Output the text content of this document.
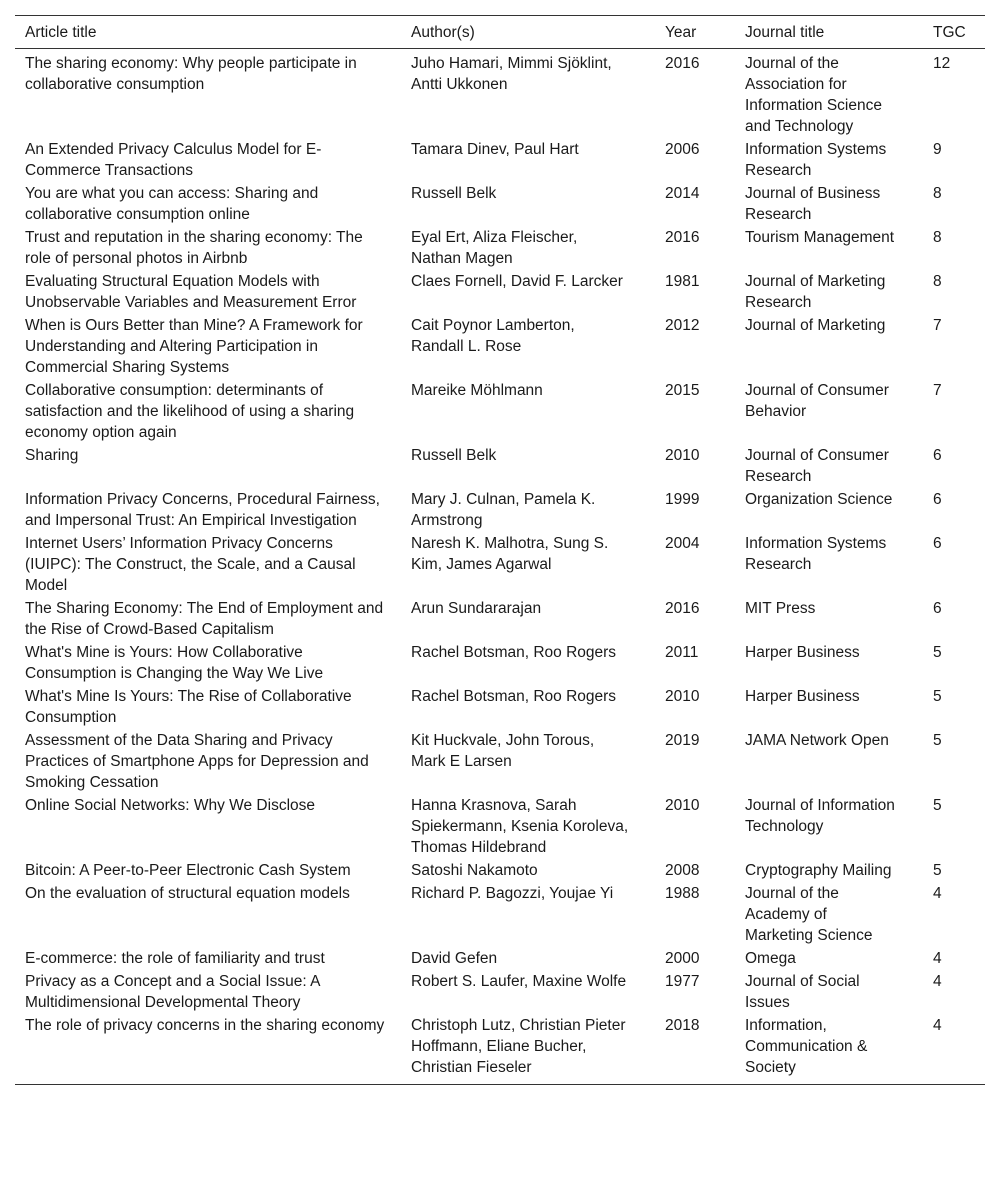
Article title	Author(s)	Year	Journal title	TGC
The sharing economy: Why people participate in collaborative consumption	Juho Hamari, Mimmi Sjöklint, Antti Ukkonen	2016	Journal of the Association for Information Science and Technology	12
An Extended Privacy Calculus Model for E-Commerce Transactions	Tamara Dinev, Paul Hart	2006	Information Systems Research	9
You are what you can access: Sharing and collaborative consumption online	Russell Belk	2014	Journal of Business Research	8
Trust and reputation in the sharing economy: The role of personal photos in Airbnb	Eyal Ert, Aliza Fleischer, Nathan Magen	2016	Tourism Management	8
Evaluating Structural Equation Models with Unobservable Variables and Measurement Error	Claes Fornell, David F. Larcker	1981	Journal of Marketing Research	8
When is Ours Better than Mine? A Framework for Understanding and Altering Participation in Commercial Sharing Systems	Cait Poynor Lamberton, Randall L. Rose	2012	Journal of Marketing	7
Collaborative consumption: determinants of satisfaction and the likelihood of using a sharing economy option again	Mareike Möhlmann	2015	Journal of Consumer Behavior	7
Sharing	Russell Belk	2010	Journal of Consumer Research	6
Information Privacy Concerns, Procedural Fairness, and Impersonal Trust: An Empirical Investigation	Mary J. Culnan, Pamela K. Armstrong	1999	Organization Science	6
Internet Users’ Information Privacy Concerns (IUIPC): The Construct, the Scale, and a Causal Model	Naresh K. Malhotra, Sung S. Kim, James Agarwal	2004	Information Systems Research	6
The Sharing Economy: The End of Employment and the Rise of Crowd-Based Capitalism	Arun Sundararajan	2016	MIT Press	6
What's Mine is Yours: How Collaborative Consumption is Changing the Way We Live	Rachel Botsman, Roo Rogers	2011	Harper Business	5
What's Mine Is Yours: The Rise of Collaborative Consumption	Rachel Botsman, Roo Rogers	2010	Harper Business	5
Assessment of the Data Sharing and Privacy Practices of Smartphone Apps for Depression and Smoking Cessation	Kit Huckvale, John Torous, Mark E Larsen	2019	JAMA Network Open	5
Online Social Networks: Why We Disclose	Hanna Krasnova, Sarah Spiekermann, Ksenia Koroleva, Thomas Hildebrand	2010	Journal of Information Technology	5
Bitcoin: A Peer-to-Peer Electronic Cash System	Satoshi Nakamoto	2008	Cryptography Mailing	5
On the evaluation of structural equation models	Richard P. Bagozzi, Youjae Yi	1988	Journal of the Academy of Marketing Science	4
E-commerce: the role of familiarity and trust	David Gefen	2000	Omega	4
Privacy as a Concept and a Social Issue: A Multidimensional Developmental Theory	Robert S. Laufer, Maxine Wolfe	1977	Journal of Social Issues	4
The role of privacy concerns in the sharing economy	Christoph Lutz, Christian Pieter Hoffmann, Eliane Bucher, Christian Fieseler	2018	Information, Communication & Society	4
